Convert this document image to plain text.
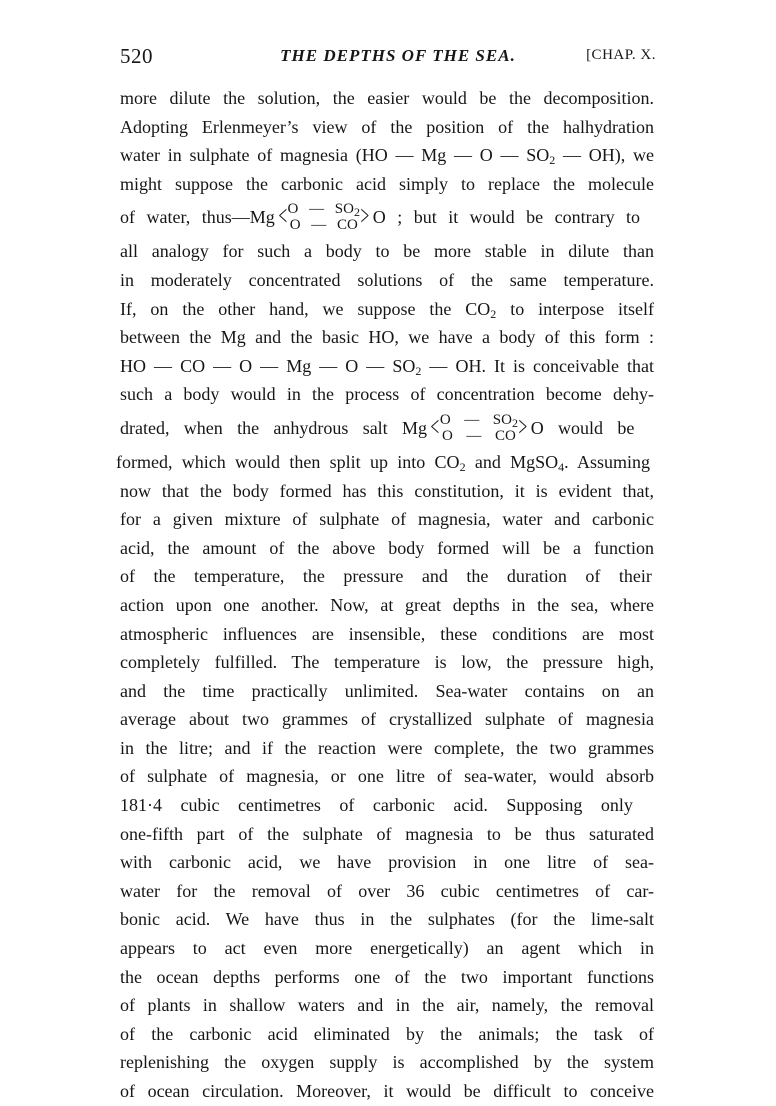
520	THE DEPTHS OF THE SEA.	[CHAP. X.
more dilute the solution, the easier would be the decomposition.
Adopting Erlenmeyer’s view of the position of the halhydration
water in sulphate of magnesia (HO — Mg — O — $SO_2$ — OH), we
might suppose the carbonic acid simply to replace the molecule
of water, thus—Mg < O — $SO_2$
O — CO > O ; but it would be contrary to
all analogy for such a body to be more stable in dilute than
in moderately concentrated solutions of the same temperature.
If, on the other hand, we suppose the $CO_2$ to interpose itself
between the Mg and the basic HO, we have a body of this form :
HO — CO — O — Mg — O — $SO_2$ — OH. It is conceivable that
such a body would in the process of concentration become dehy-
drated, when the anhydrous salt Mg < O — $SO_2$
O — CO > O would be
formed, which would then split up into $CO_2$ and MgSO$_4$. Assuming
now that the body formed has this constitution, it is evident that,
for a given mixture of sulphate of magnesia, water and carbonic
acid, the amount of the above body formed will be a function
of the temperature, the pressure and the duration of their
action upon one another. Now, at great depths in the sea, where
atmospheric influences are insensible, these conditions are most
completely fulfilled. The temperature is low, the pressure high,
and the time practically unlimited. Sea-water contains on an
average about two grammes of crystallized sulphate of magnesia
in the litre; and if the reaction were complete, the two grammes
of sulphate of magnesia, or one litre of sea-water, would absorb
181·4 cubic centimetres of carbonic acid. Supposing only
one-fifth part of the sulphate of magnesia to be thus saturated
with carbonic acid, we have provision in one litre of sea-
water for the removal of over 36 cubic centimetres of car-
bonic acid. We have thus in the sulphates (for the lime-salt
appears to act even more energetically) an agent which in
the ocean depths performs one of the two important functions
of plants in shallow waters and in the air, namely, the removal
of the carbonic acid eliminated by the animals; the task of
replenishing the oxygen supply is accomplished by the system
of ocean circulation. Moreover, it would be difficult to conceive
